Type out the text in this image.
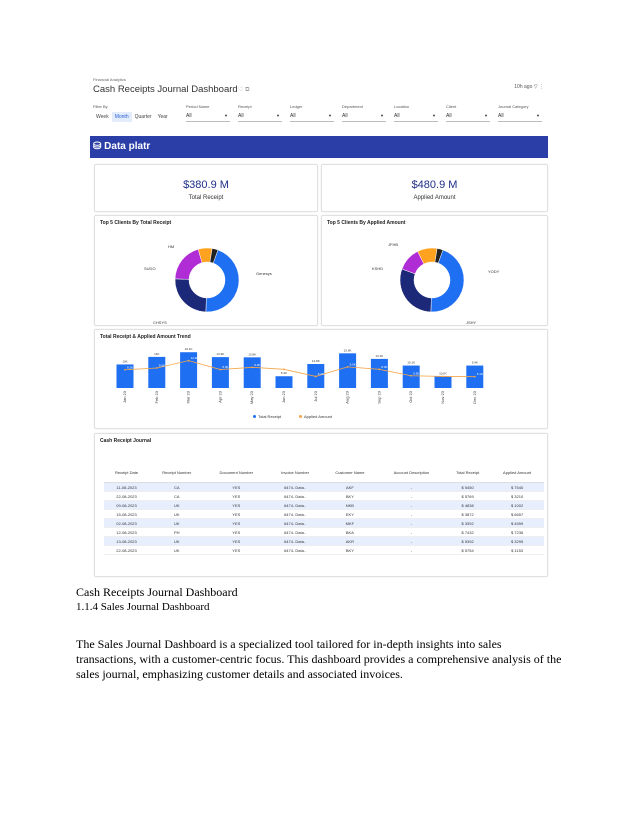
Financial Analytics
Cash Receipts Journal Dashboard ♡ ⧉	10h ago ▽ ⋮
Filter By
Week	Month	Quarter	Year
Period Name
All	▼
Receipt
All	▼
Ledger
All	▼
Department
All	▼
Location
All	▼
Client
All	▼
Journal Category
All	▼
⛁ Data platr
$380.9 M
Total Receipt
$480.9 M
Applied Amount
Top 5 Clients By Total Receipt
Genesys
CHSYS
SUDO
HM
Top 5 Clients By Applied Amount
YODY
JSHY
KSHD
JFHB
Total Receipt & Applied Amount Trend
10K
Jan 23
14K
Feb 23
16.1K
Mar 23
13.9K
Apr 23
13.8K
May 23
5.3K
Jun 23
14.8K
Jul 23
15.6K
Aug 23
13.1K
Sep 23
10.1K
Oct 23
10.6K
Nov 23
5.9K
Dec 23
8.2K	9.0K
12.3K
8.3K
9.3K	8.4K
5.2K
9.5K
8.4K
5.5K	6.2K	5.1K
Total Receipt	Applied Amount
Cash Receipt Journal
Receipt Date	Receipt Number	Document Number	Invoice Number	Customer Name	Account Description	Total Receipt	Applied Amount
11-08-2023	CA	YES	6474- Data..	AKF	-	$ 5450	$ 7540
22-08-2023	CA	YES	6474- Data..	BKY	-	$ 5769	$ 3210
09-08-2023	UK	YES	6474- Data..	NKB	-	$ 4838	$ 1002
15-08-2023	UK	YES	6474- Data..	EKY	-	$ 3872	$ 6657
02-08-2023	UK	YES	6474- Data..	MKF	-	$ 3392	$ 4559
12-08-2023	PH	YES	6474- Data..	BKA	-	$ 7432	$ 7236
13-08-2023	UK	YES	6474- Data..	AKR	-	$ 5392	$ 3295
22-08-2023	UK	YES	6474- Data..	BKY	-	$ 5754	$ 1153
Cash Receipts Journal Dashboard
1.1.4 Sales Journal Dashboard

The Sales Journal Dashboard is a specialized tool tailored for in-depth insights into sales transactions, with a customer-centric focus. This dashboard provides a comprehensive analysis of the sales journal, emphasizing customer details and associated invoices.
